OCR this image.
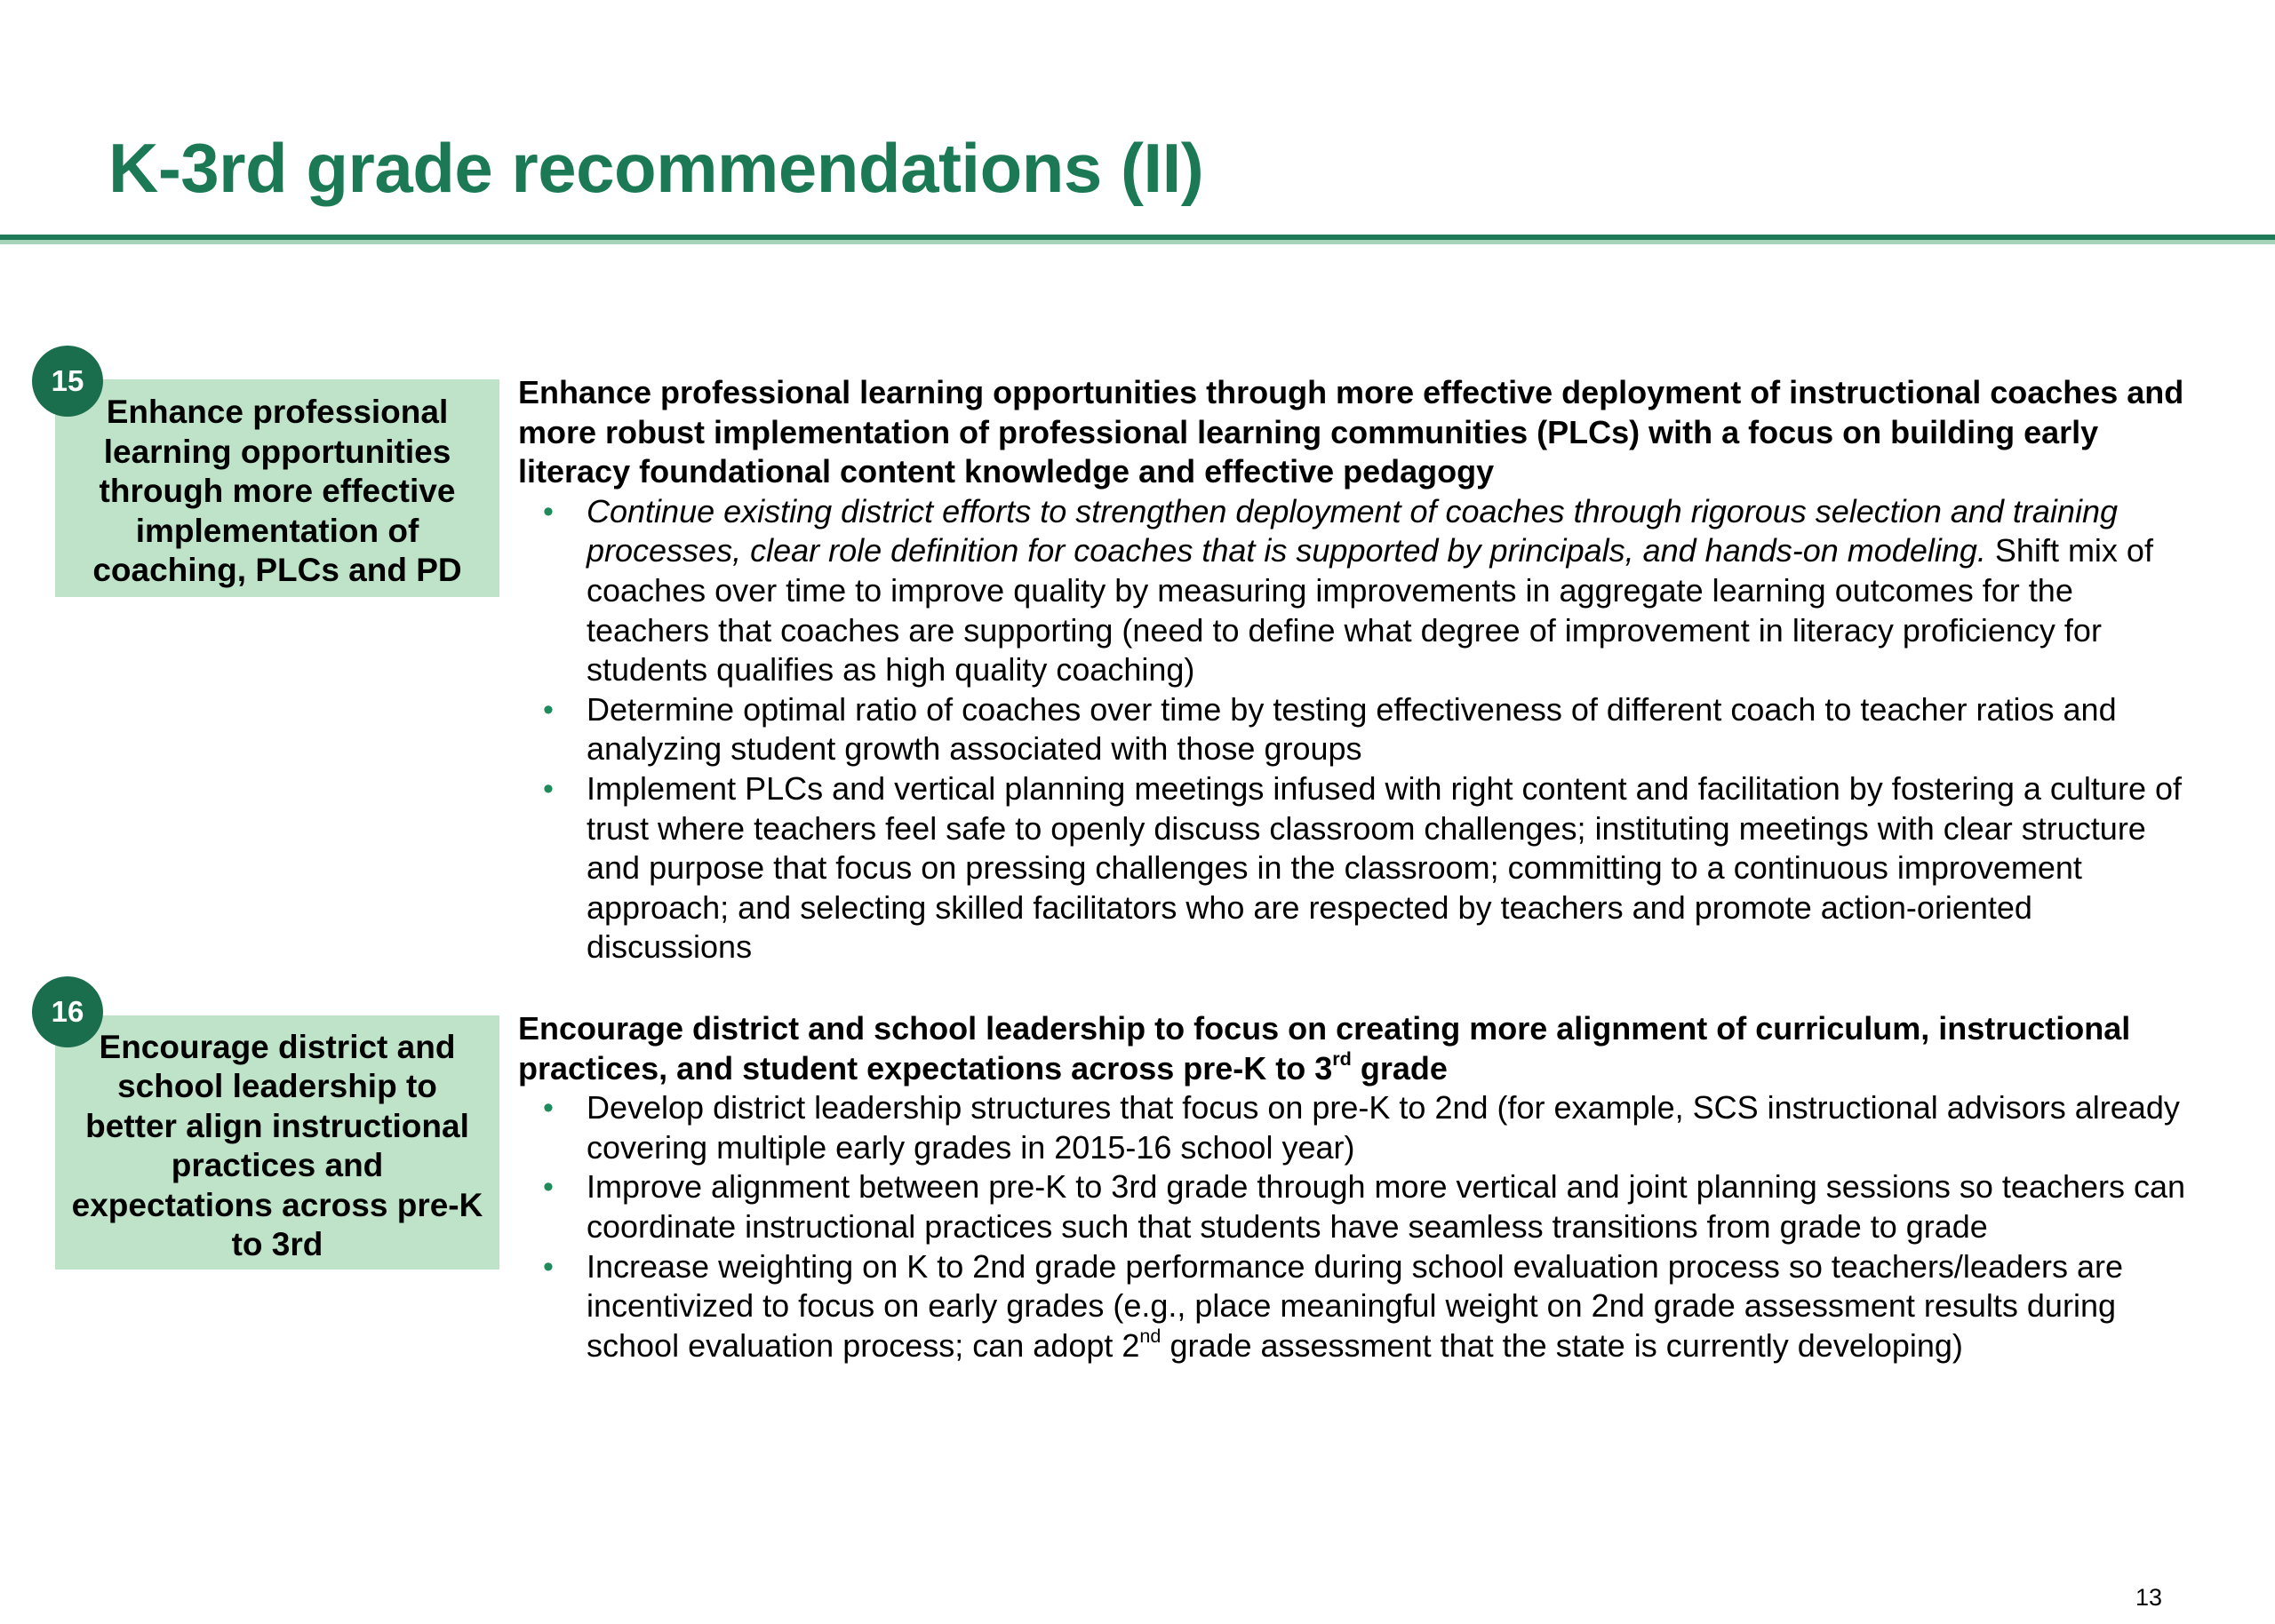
K-3rd grade recommendations (II)
Enhance professional learning opportunities through more effective implementation of coaching, PLCs and PD
15	Enhance professional learning opportunities through more effective deployment of instructional coaches and more robust implementation of professional learning communities (PLCs) with a focus on building early literacy foundational content knowledge and effective pedagogy
• Continue existing district efforts to strengthen deployment of coaches through rigorous selection and training processes, clear role definition for coaches that is supported by principals, and hands-on modeling. Shift mix of coaches over time to improve quality by measuring improvements in aggregate learning outcomes for the teachers that coaches are supporting (need to define what degree of improvement in literacy proficiency for students qualifies as high quality coaching)
• Determine optimal ratio of coaches over time by testing effectiveness of different coach to teacher ratios and analyzing student growth associated with those groups
• Implement PLCs and vertical planning meetings infused with right content and facilitation by fostering a culture of trust where teachers feel safe to openly discuss classroom challenges; instituting meetings with clear structure and purpose that focus on pressing challenges in the classroom; committing to a continuous improvement approach; and selecting skilled facilitators who are respected by teachers and promote action-oriented discussions
Encourage district and school leadership to better align instructional practices and expectations across pre-K to 3rd
16	Encourage district and school leadership to focus on creating more alignment of curriculum, instructional practices, and student expectations across pre-K to 3rd grade
• Develop district leadership structures that focus on pre-K to 2nd (for example, SCS instructional advisors already covering multiple early grades in 2015-16 school year)
• Improve alignment between pre-K to 3rd grade through more vertical and joint planning sessions so teachers can coordinate instructional practices such that students have seamless transitions from grade to grade
• Increase weighting on K to 2nd grade performance during school evaluation process so teachers/leaders are incentivized to focus on early grades (e.g., place meaningful weight on 2nd grade assessment results during school evaluation process; can adopt 2nd grade assessment that the state is currently developing)
13
